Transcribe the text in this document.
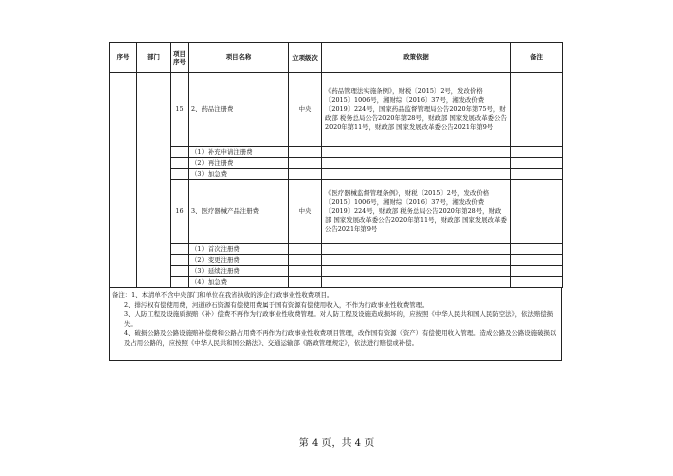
序号	部门	项目序号	项目名称	立项级次	政策依据	备注
		15	2、药品注册费	中央	《药品管理法实施条例》，财税〔2015〕2号，发改价格〔2015〕1006号，湘财综〔2016〕37号，湘发改价费〔2019〕224号，国家药品监督管理局公告2020年第75号，财政部 税务总局公告2020年第28号，财政部 国家发展改革委公告2020年第11号，财政部 国家发展改革委公告2021年第9号	
			（1）补充申请注册费			
			（2）再注册费			
			（3）加急费			
		16	3、医疗器械产品注册费	中央	《医疗器械监督管理条例》，财税〔2015〕2号，发改价格〔2015〕1006号，湘财综〔2016〕37号，湘发改价费〔2019〕224号，财政部 税务总局公告2020年第28号，财政部 国家发展改革委公告2020年第11号，财政部 国家发展改革委公告2021年第9号	
			（1）首次注册费			
			（2）变更注册费			
			（3）延续注册费			
			（4）加急费			

备注：1、本清单不含中央部门和单位在我省执收的涉企行政事业性收费项目。

2、排污权有偿使用费，河道砂石资源有偿使用费属于国有资源有偿使用收入，不作为行政事业性收费管理。

3、人防工程及设施质损赔（补）偿费不再作为行政事业性收费管理。对人防工程及设施造成损坏的，应按照《中华人民共和国人民防空法》，依法赔偿损失。

4、破损公路及公路设施赔补偿费和公路占用费不再作为行政事业性收费项目管理，改作国有资源（资产）有偿使用收入管理。造成公路及公路设施破损以及占用公路的，应按照《中华人民共和国公路法》、交通运输部《路政管理规定》，依法进行赔偿或补偿。

第 4 页，共 4 页
